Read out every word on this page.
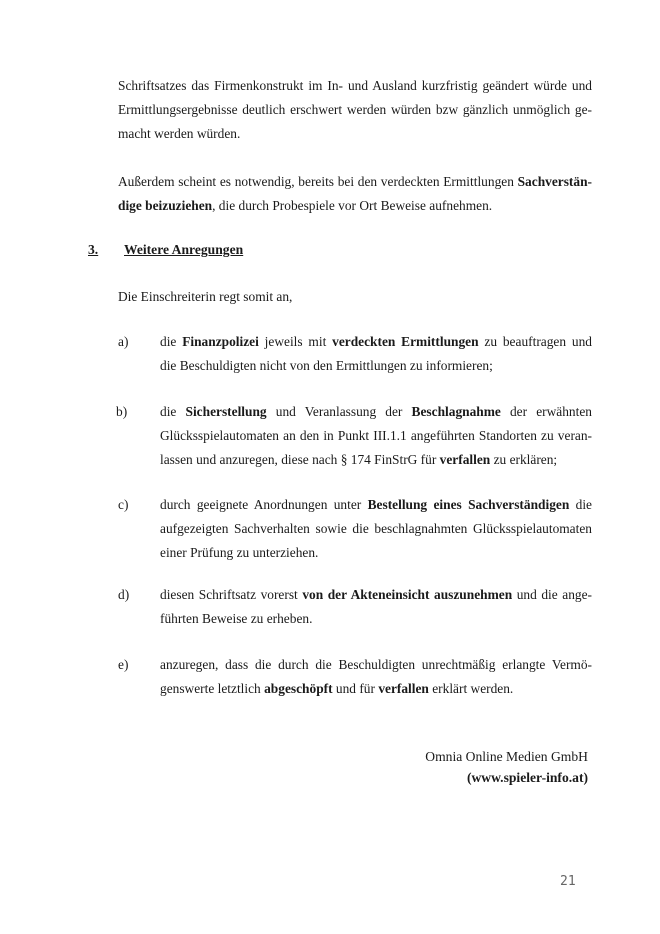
Schriftsatzes das Firmenkonstrukt im In- und Ausland kurzfristig geändert würde und
Ermittlungsergebnisse deutlich erschwert werden würden bzw gänzlich unmöglich ge-
macht werden würden.
Außerdem scheint es notwendig, bereits bei den verdeckten Ermittlungen Sachverstän-
dige beizuziehen, die durch Probespiele vor Ort Beweise aufnehmen.
3. Weitere Anregungen
Die Einschreiterin regt somit an,
a)	die Finanzpolizei jeweils mit verdeckten Ermittlungen zu beauftragen und
die Beschuldigten nicht von den Ermittlungen zu informieren;
b)	die Sicherstellung und Veranlassung der Beschlagnahme der erwähnten
Glücksspielautomaten an den in Punkt III.1.1 angeführten Standorten zu veran-
lassen und anzuregen, diese nach § 174 FinStrG für verfallen zu erklären;
c)	durch geeignete Anordnungen unter Bestellung eines Sachverständigen die
aufgezeigten Sachverhalten sowie die beschlagnahmten Glücksspielautomaten
einer Prüfung zu unterziehen.
d)	diesen Schriftsatz vorerst von der Akteneinsicht auszunehmen und die ange-
führten Beweise zu erheben.
e)	anzuregen, dass die durch die Beschuldigten unrechtmäßig erlangte Vermö-
genswerte letztlich abgeschöpft und für verfallen erklärt werden.
Omnia Online Medien GmbH
(www.spieler-info.at)
21
